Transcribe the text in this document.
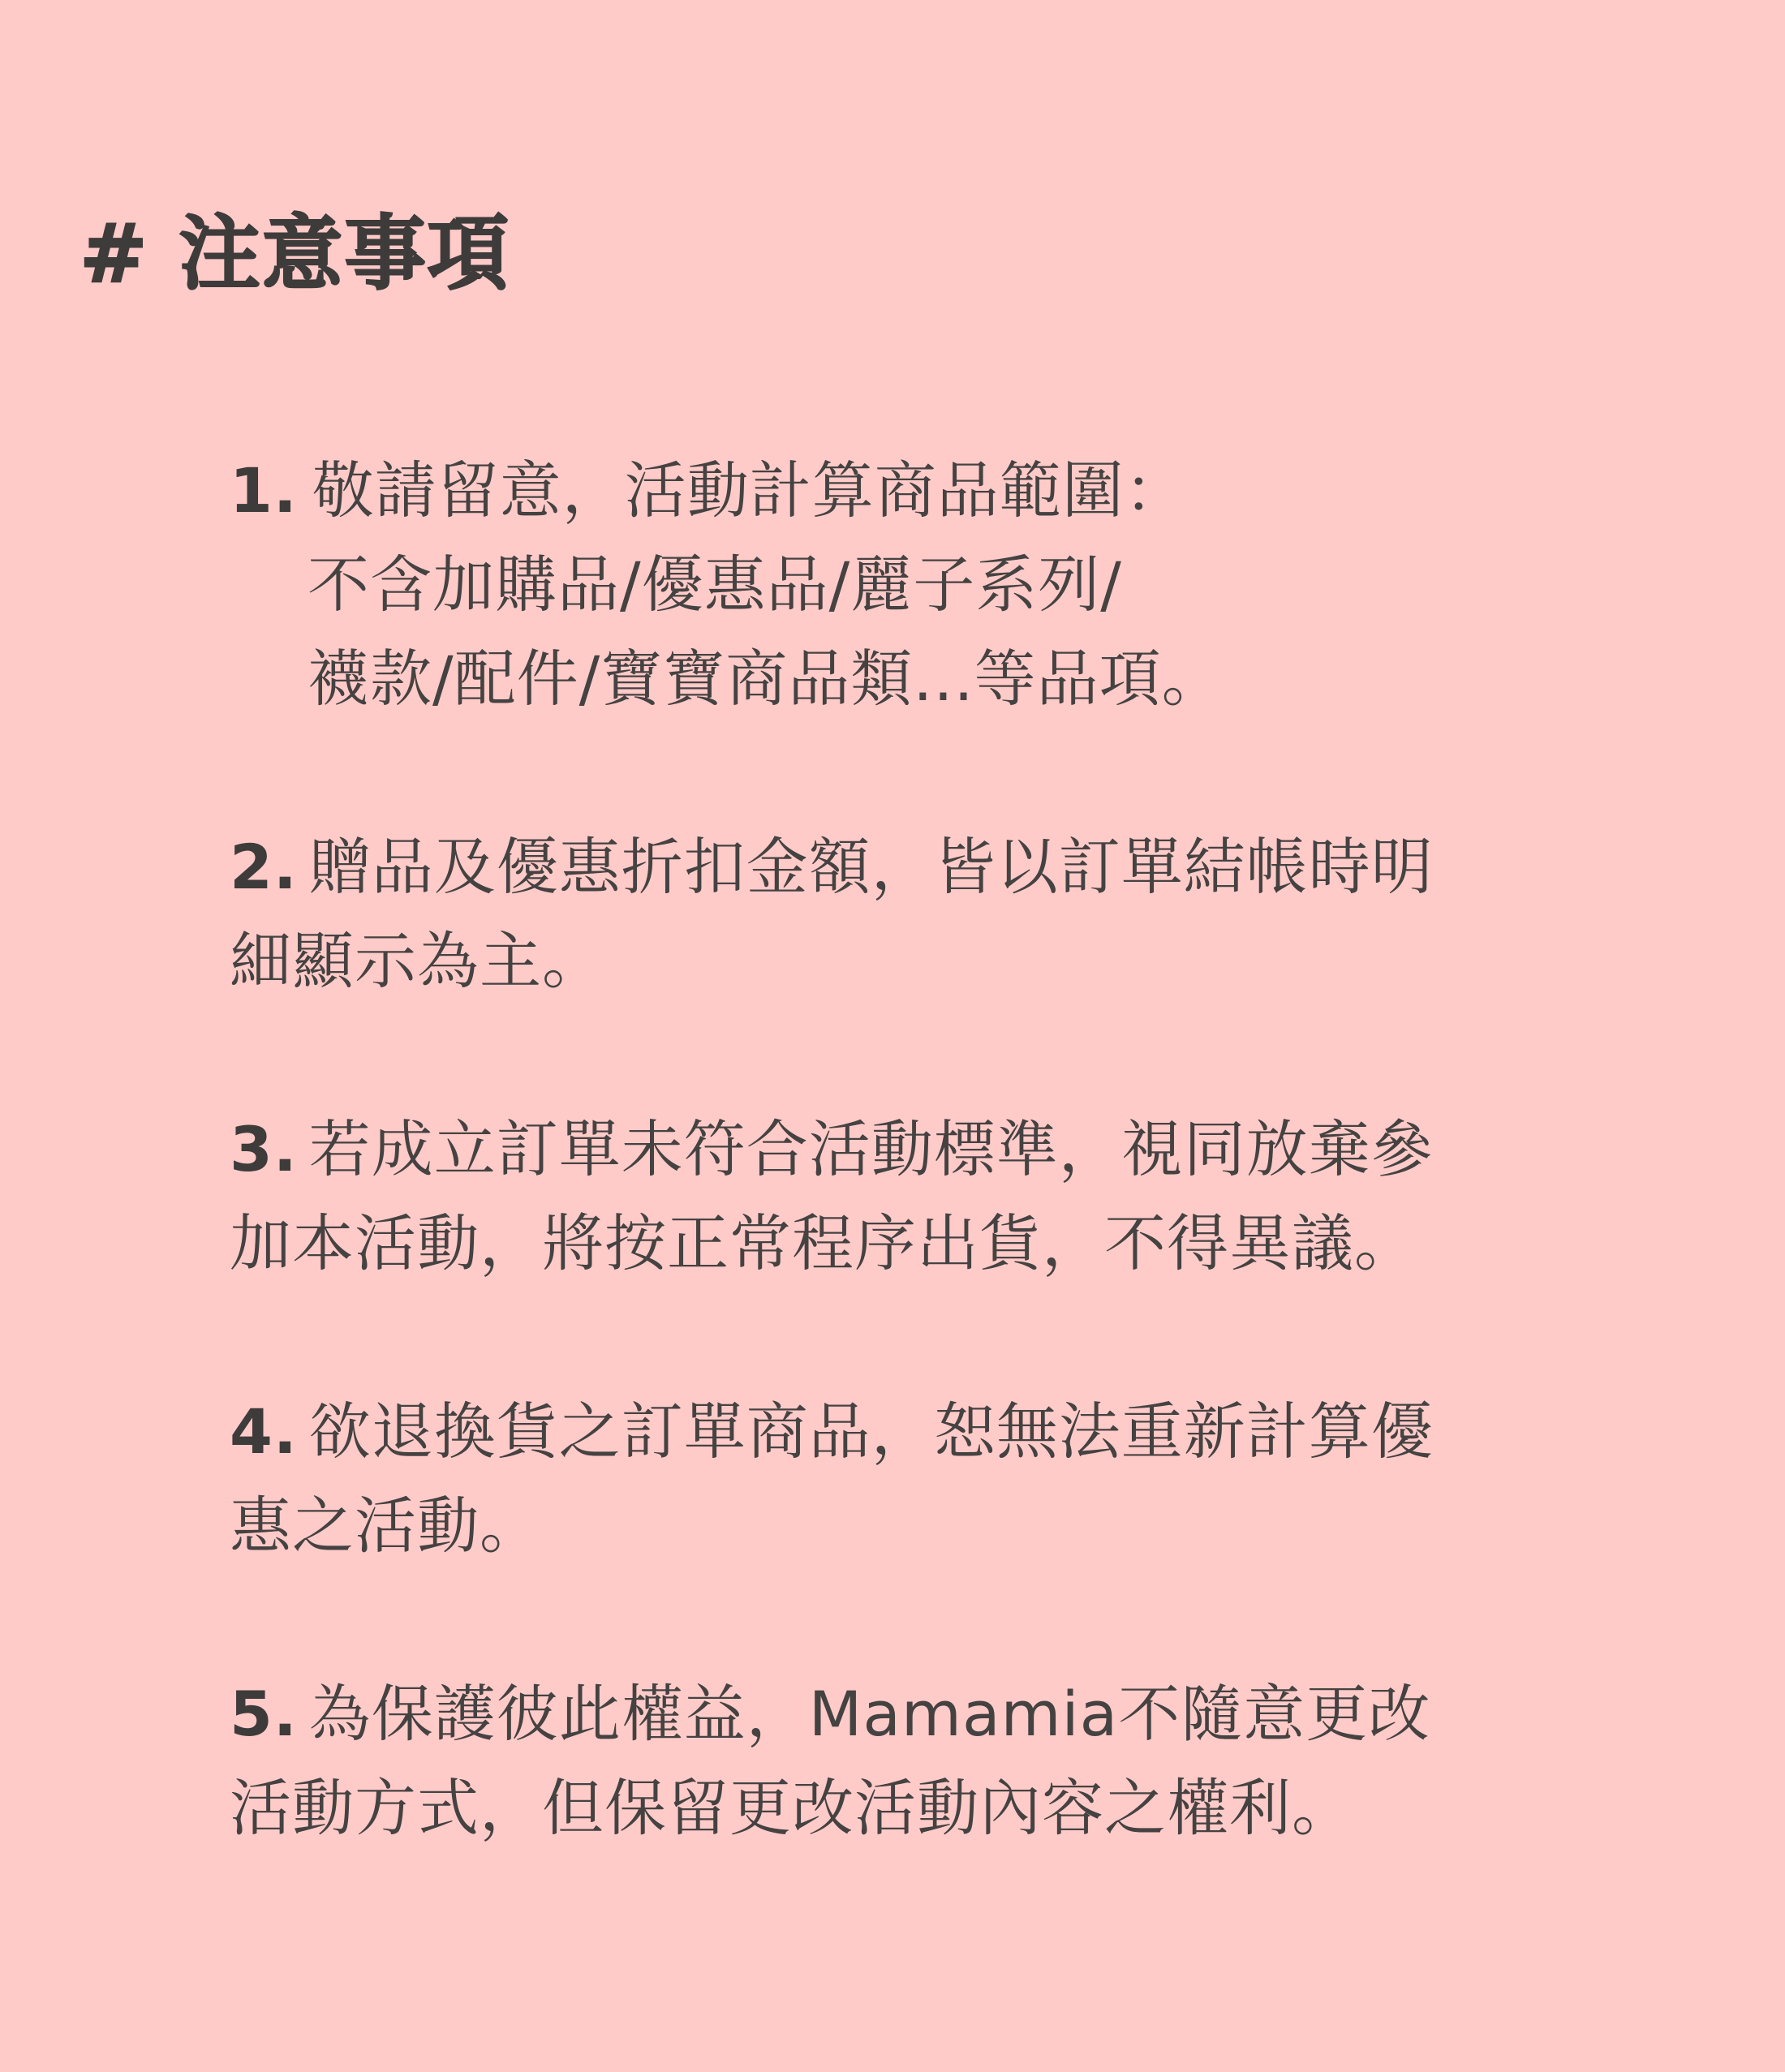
# 注意事項
1. 敬請留意，活動計算商品範圍：
不含加購品/優惠品/麗子系列/
襪款/配件/寶寶商品類...等品項。
2. 贈品及優惠折扣金額，皆以訂單結帳時明
細顯示為主。
3. 若成立訂單未符合活動標準，視同放棄參
加本活動，將按正常程序出貨，不得異議。
4. 欲退換貨之訂單商品，恕無法重新計算優
惠之活動。
5. 為保護彼此權益，Mamamia不隨意更改
活動方式，但保留更改活動內容之權利。
